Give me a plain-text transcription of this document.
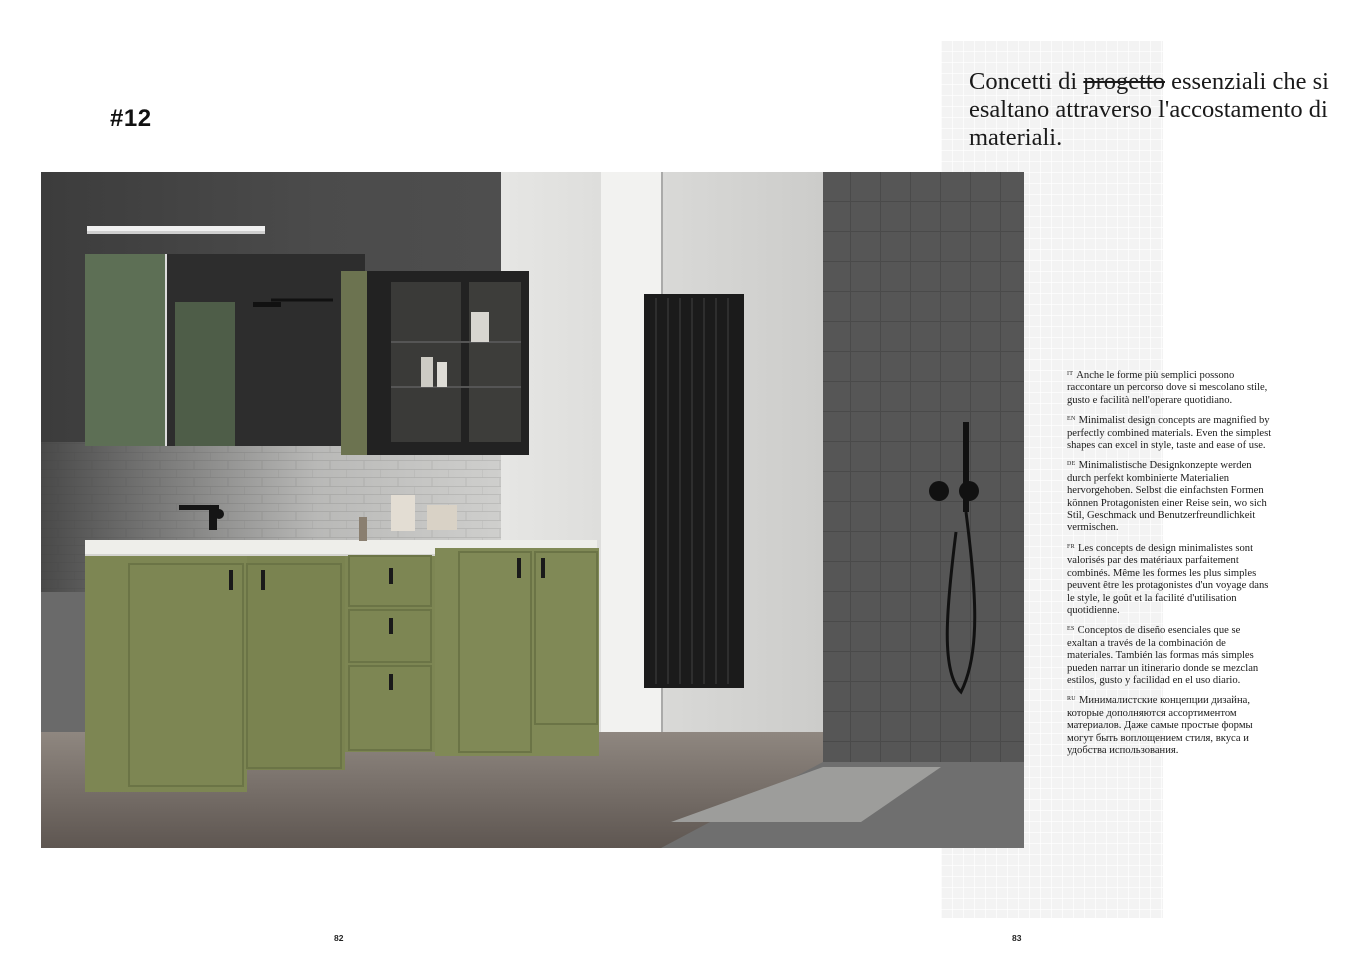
#12
Concetti di progetto essenziali che si esaltano attraverso l'accostamento di materiali.

$^{IT}$ Anche le forme più semplici possono raccontare un percorso dove si mescolano stile, gusto e facilità nell'operare quotidiano.

$^{EN}$ Minimalist design concepts are magnified by perfectly combined materials. Even the simplest shapes can excel in style, taste and ease of use.

$^{DE}$ Minimalistische Designkonzepte werden durch perfekt kombinierte Materialien hervorgehoben. Selbst die einfachsten Formen können Protagonisten einer Reise sein, wo sich Stil, Geschmack und Benutzerfreundlichkeit vermischen.

$^{FR}$ Les concepts de design minimalistes sont valorisés par des matériaux parfaitement combinés. Même les formes les plus simples peuvent être les protagonistes d'un voyage dans le style, le goût et la facilité d'utilisation quotidienne.

$^{ES}$ Conceptos de diseño esenciales que se exaltan a través de la combinación de materiales. También las formas más simples pueden narrar un itinerario donde se mezclan estilos, gusto y facilidad en el uso diario.

$^{RU}$ Минималистские концепции дизайна, которые дополняются ассортиментом материалов. Даже самые простые формы могут быть воплощением стиля, вкуса и удобства использования.

82	83
